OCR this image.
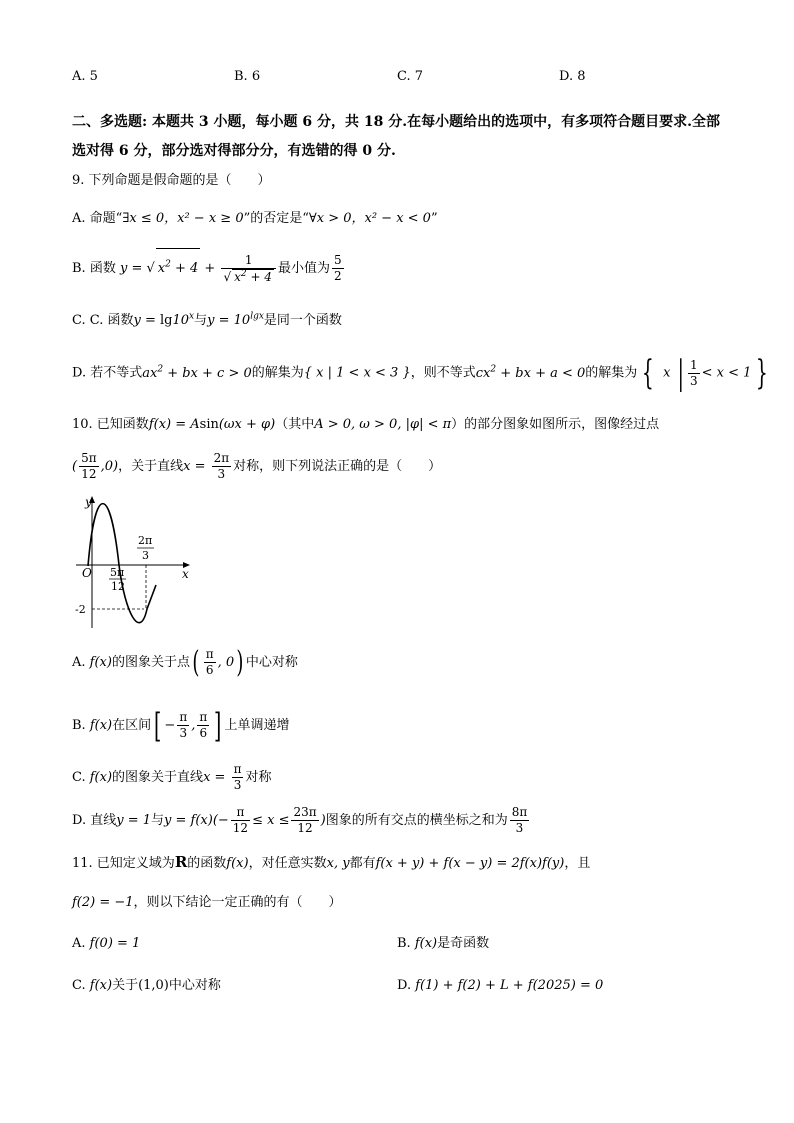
A. 5	B. 6	C. 7	D. 8
二、多选题: 本题共 3 小题，每小题 6 分，共 18 分.在每小题给出的选项中，有多项符合题目要求.全部选对得 6 分，部分选对得部分分，有选错的得 0 分.
9. 下列命题是假命题的是（　　）
A. 命题“∃x ≤ 0，x² − x ≥ 0”的否定是“∀x > 0，x² − x < 0”
B. 函数 y = √ $x^2 + 4 + \frac{1}{√ x^2 + 4}$ 最小值为 $\frac{5}{2}$
C. C. 函数$y = \lg 10^x$与$y = 10^{lgx}$是同一个函数
D. 若不等式$ax^2$ + bx + c > 0的解集为{ x | 1 < x < 3 }，则不等式$cx^2$ + bx + a < 0的解集为 { x | $\frac{1}{3} < x < 1$ }
10. 已知函数f(x) = Asin(ωx + φ)（其中A > 0, ω > 0, |φ| < π）的部分图象如图所示，图像经过点
( $\frac{5\pi}{12} ,0$)，关于直线$x = \frac{2\pi}{3}$ 对称，则下列说法正确的是（　　）
y
x
O 5π
12
2π
3
-2
A. f(x)的图象关于点( $\frac{\pi}{6}$ , 0) 中心对称
B. f(x)在区间[ − $\frac{\pi}{3}$ , $\frac{\pi}{6}$ ] 上单调递增
C. f(x)的图象关于直线$x = \frac{\pi}{3}$ 对称
D. 直线y = 1与$y = f(x)(- \frac{\pi}{12} \le x \le \frac{23\pi}{12}$ )图象的所有交点的横坐标之和为 $\frac{8\pi}{3}$
11. 已知定义域为R的函数f(x)，对任意实数x, y都有f(x + y) + f(x − y) = 2f(x)f(y)，且
f(2) = −1，则以下结论一定正确的有（　　）
A. f(0) = 1	B. f(x)是奇函数
C. f(x)关于(1,0)中心对称	D. f(1) + f(2) + L + f(2025) = 0
